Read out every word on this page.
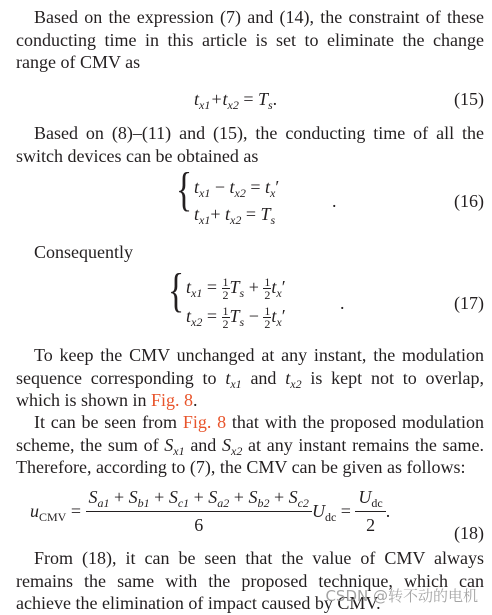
Based on the expression (7) and (14), the constraint of these conducting time in this article is set to eliminate the change range of CMV as
$t_{x1}+t_{x2} = T_s$.	(15)
Based on (8)–(11) and (15), the conducting time of all the switch devices can be obtained as
{ $t_{x1} - t_{x2} = t_x'$
$t_{x1}+ t_{x2} = T_s$
.	(16)
Consequently
{ $t_{x1} = \frac{1}{2} T_s + \frac{1}{2} t_x'$
$t_{x2} = \frac{1}{2} T_s - \frac{1}{2} t_x'$
.	(17)
To keep the CMV unchanged at any instant, the modulation sequence corresponding to $t_{x1}$ and $t_{x2}$ is kept not to overlap, which is shown in Fig. 8.
It can be seen from Fig. 8 that with the proposed modulation scheme, the sum of $S_{x1}$ and $S_{x2}$ at any instant remains the same. Therefore, according to (7), the CMV can be given as follows:
$u_{CMV} = \frac{S_{a1} + S_{b1} + S_{c1} + S_{a2} + S_{b2} + S_{c2}}{6} U_{dc} = \frac{U_{dc}}{2}$ .
(18)
From (18), it can be seen that the value of CMV always remains the same with the proposed technique, which can achieve the elimination of impact caused by CMV.
CSDN @转不动的电机
